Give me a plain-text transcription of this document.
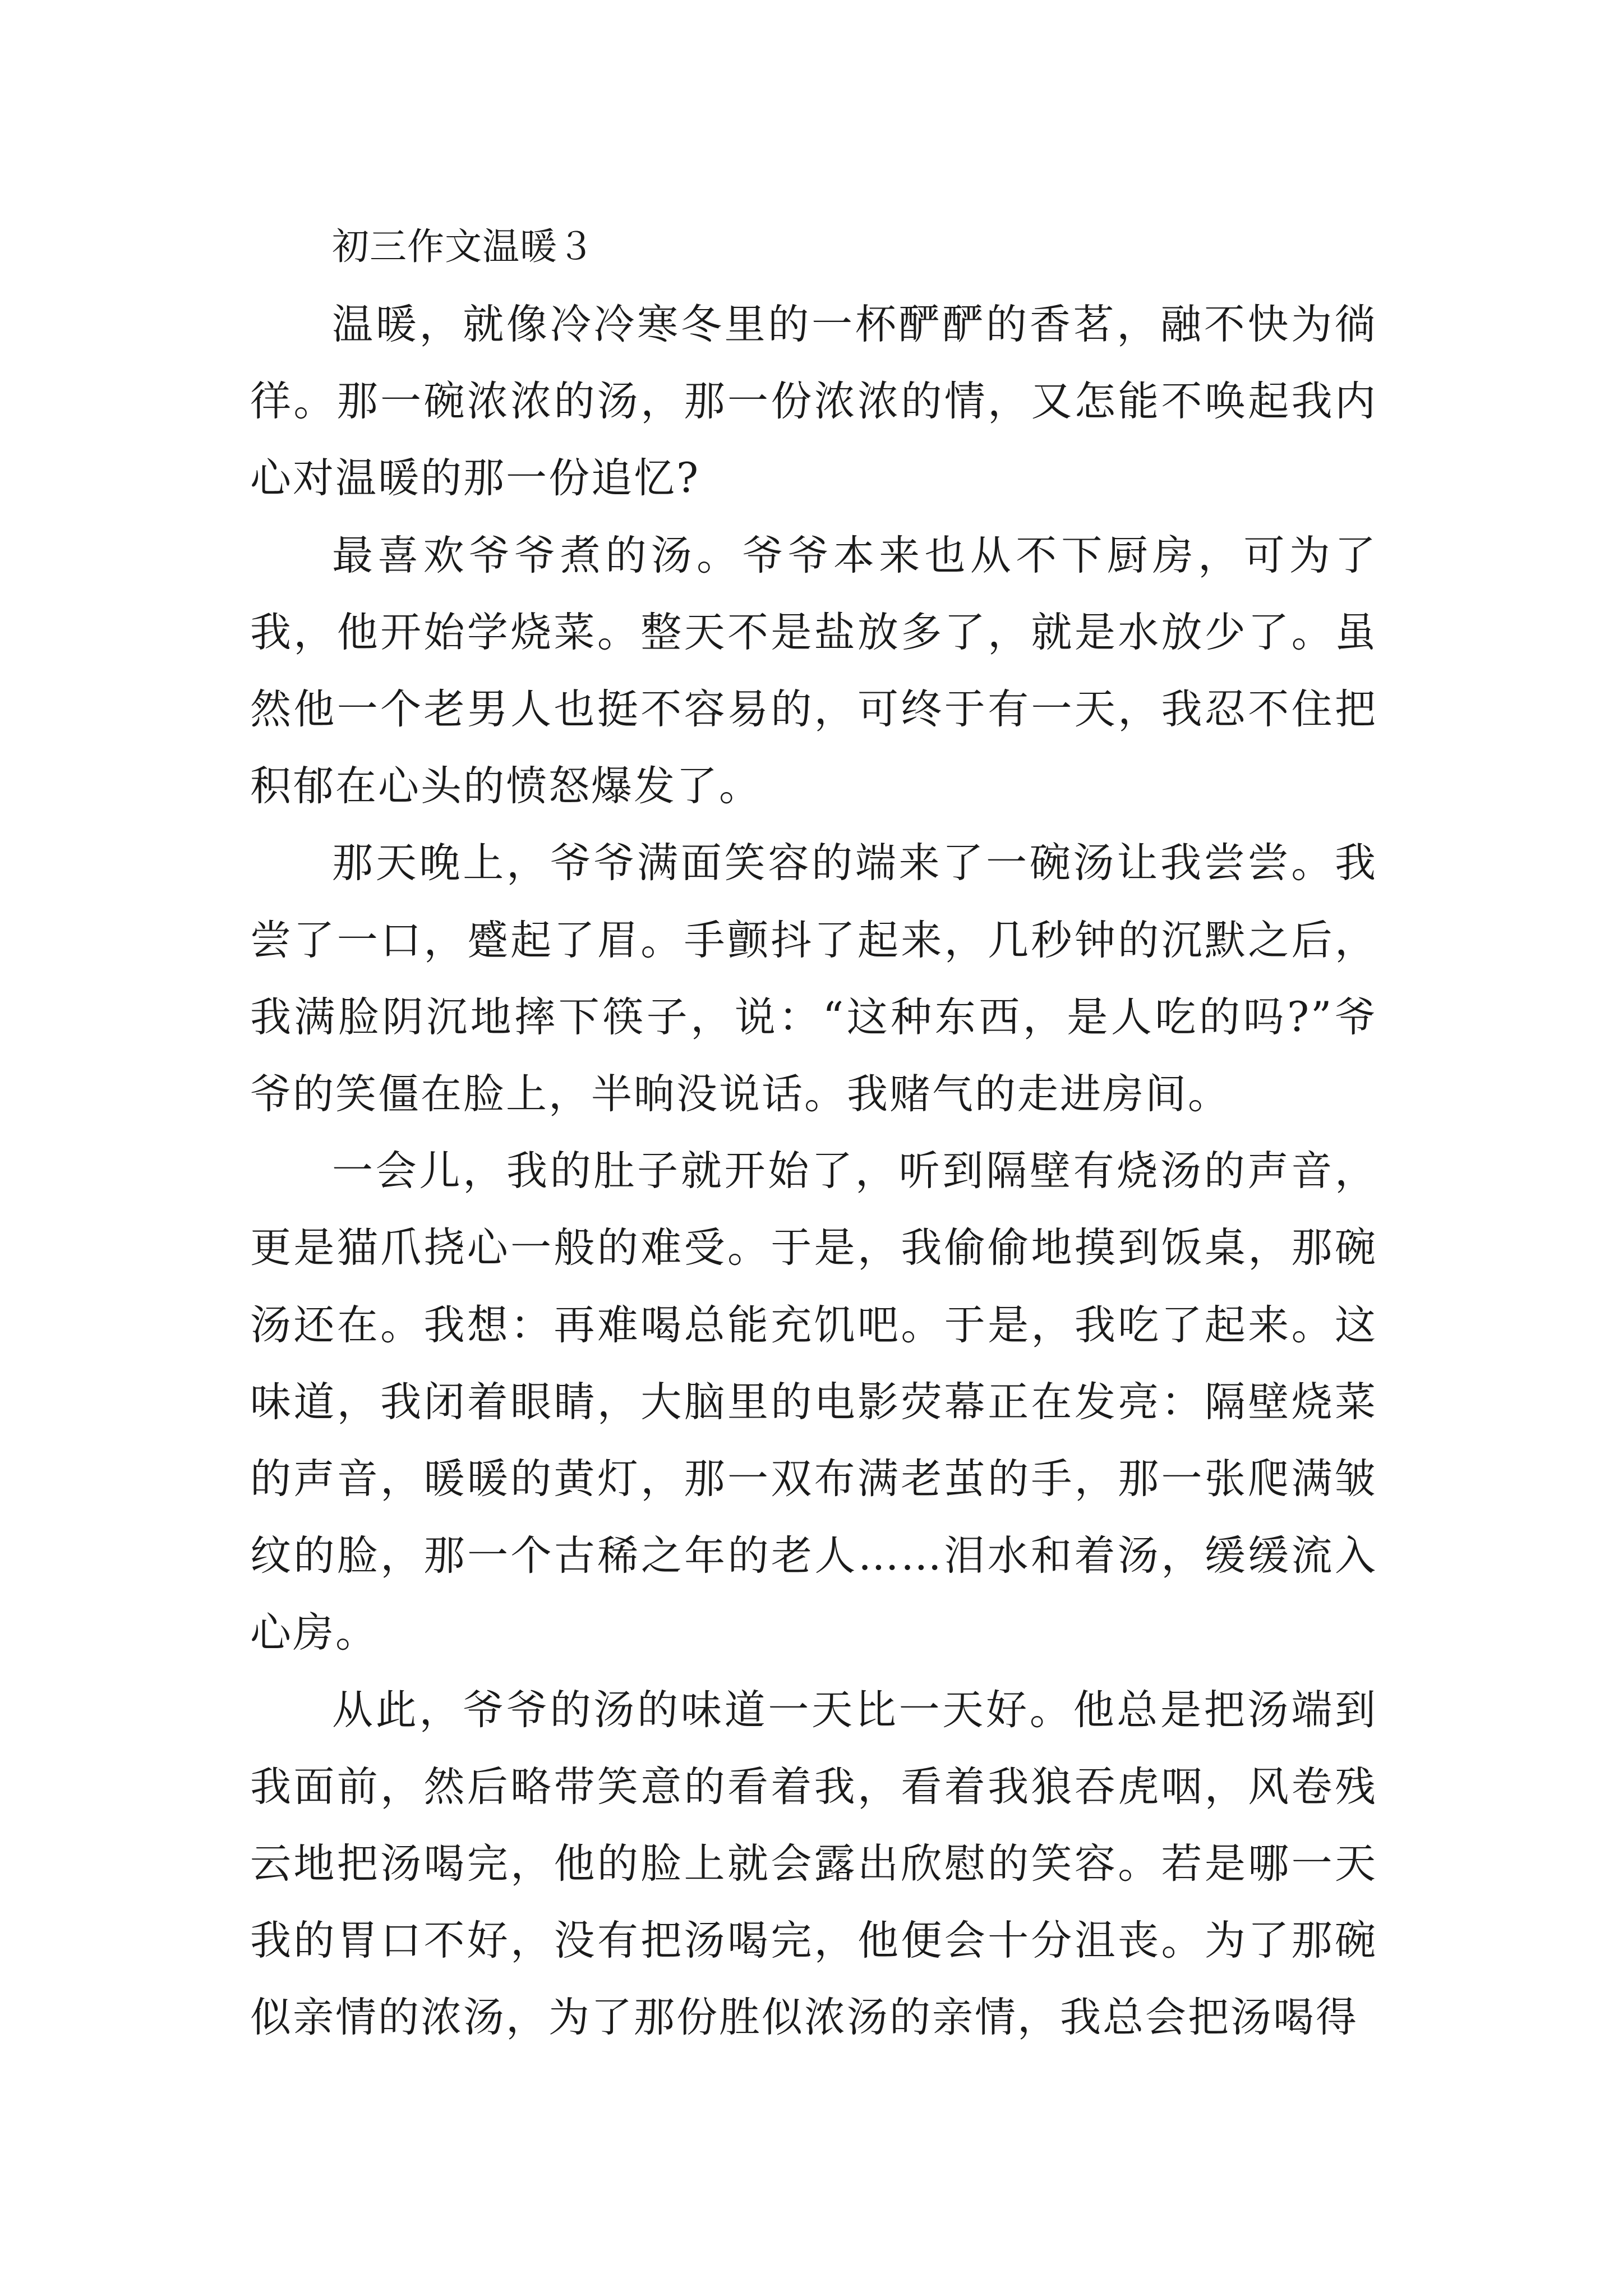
初三作文温暖３

温暖，就像冷冷寒冬里的一杯酽酽的香茗，融不快为徜徉。那一碗浓浓的汤，那一份浓浓的情，又怎能不唤起我内心对温暖的那一份追忆?

最喜欢爷爷煮的汤。爷爷本来也从不下厨房，可为了我，他开始学烧菜。整天不是盐放多了，就是水放少了。虽然他一个老男人也挺不容易的，可终于有一天，我忍不住把积郁在心头的愤怒爆发了。

那天晚上，爷爷满面笑容的端来了一碗汤让我尝尝。我尝了一口，蹙起了眉。手颤抖了起来，几秒钟的沉默之后，我满脸阴沉地摔下筷子，说：“这种东西，是人吃的吗?”爷爷的笑僵在脸上，半晌没说话。我赌气的走进房间。

一会儿，我的肚子就开始了，听到隔壁有烧汤的声音，更是猫爪挠心一般的难受。于是，我偷偷地摸到饭桌，那碗汤还在。我想：再难喝总能充饥吧。于是，我吃了起来。这味道，我闭着眼睛，大脑里的电影荧幕正在发亮：隔壁烧菜的声音，暖暖的黄灯，那一双布满老茧的手，那一张爬满皱纹的脸，那一个古稀之年的老人……泪水和着汤，缓缓流入心房。

从此，爷爷的汤的味道一天比一天好。他总是把汤端到我面前，然后略带笑意的看着我，看着我狼吞虎咽，风卷残云地把汤喝完，他的脸上就会露出欣慰的笑容。若是哪一天我的胃口不好，没有把汤喝完，他便会十分沮丧。为了那碗似亲情的浓汤，为了那份胜似浓汤的亲情，我总会把汤喝得
